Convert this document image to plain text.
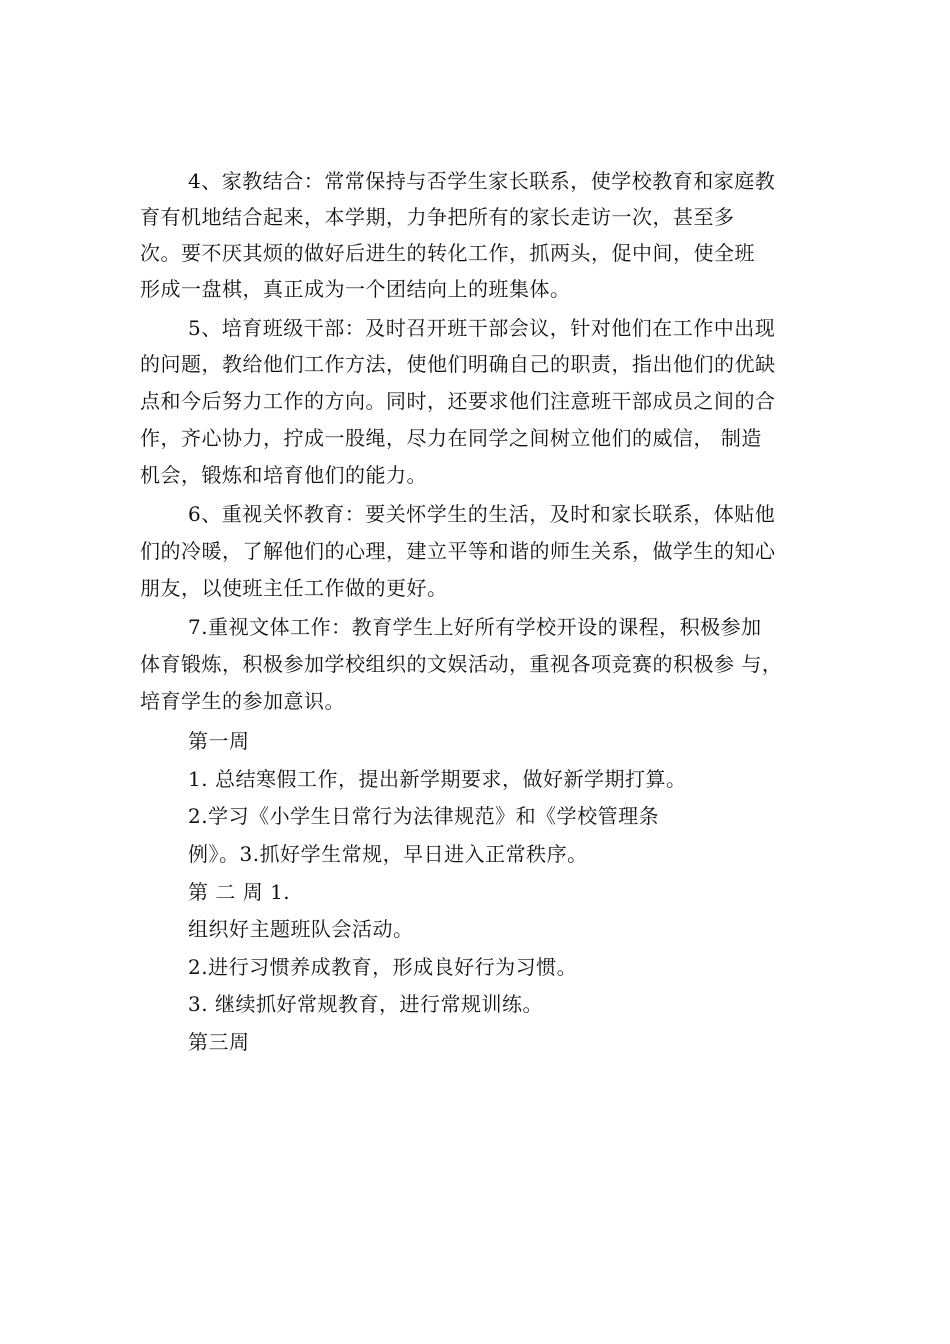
4、家教结合：常常保持与否学生家长联系，使学校教育和家庭教
育有机地结合起来，本学期，力争把所有的家长走访一次，甚至多
次。要不厌其烦的做好后进生的转化工作，抓两头，促中间，使全班
形成一盘棋，真正成为一个团结向上的班集体。
5、培育班级干部：及时召开班干部会议，针对他们在工作中出现
的问题，教给他们工作方法，使他们明确自己的职责，指出他们的优缺
点和今后努力工作的方向。同时，还要求他们注意班干部成员之间的合
作，齐心协力，拧成一股绳，尽力在同学之间树立他们的威信， 制造
机会，锻炼和培育他们的能力。
6、重视关怀教育：要关怀学生的生活，及时和家长联系，体贴他
们的冷暖，了解他们的心理，建立平等和谐的师生关系，做学生的知心
朋友，以使班主任工作做的更好。
7.重视文体工作：教育学生上好所有学校开设的课程，积极参加
体育锻炼，积极参加学校组织的文娱活动，重视各项竞赛的积极参 与，
培育学生的参加意识。
第一周
1. 总结寒假工作，提出新学期要求，做好新学期打算。
2.学习《小学生日常行为法律规范》和《学校管理条
例》。3.抓好学生常规，早日进入正常秩序。
第 二 周 1.
组织好主题班队会活动。
2.进行习惯养成教育，形成良好行为习惯。
3. 继续抓好常规教育，进行常规训练。
第三周
